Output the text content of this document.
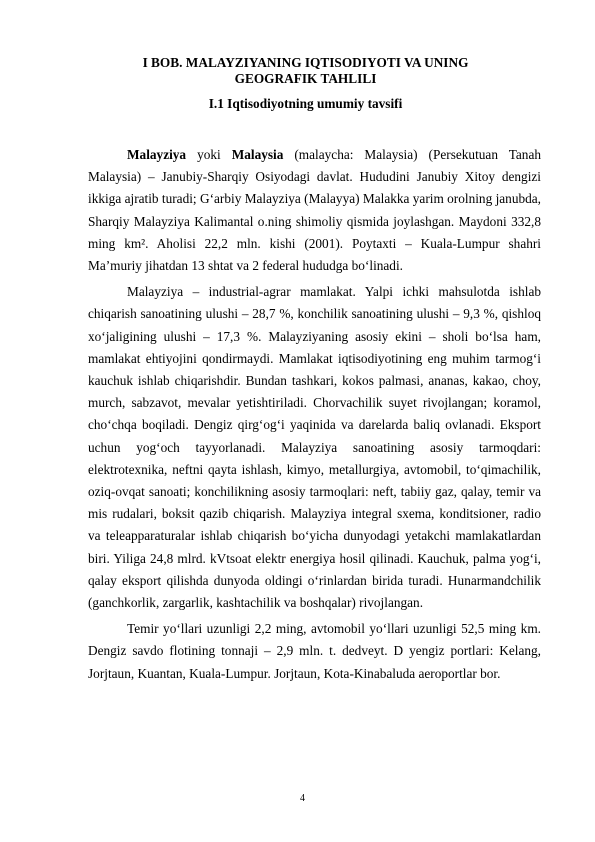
I BOB. MALAYZIYANING IQTISODIYOTI VA UNING
GEOGRAFIK TAHLILI
I.1 Iqtisodiyotning umumiy tavsifi

Malayziya yoki Malaysia (malaycha: Malaysia) (Persekutuan Tanah Malaysia) – Janubiy-Sharqiy Osiyodagi davlat. Hududini Janubiy Xitoy dengizi ikkiga ajratib turadi; Gʻarbiy Malayziya (Malayya) Malakka yarim orolning janubda, Sharqiy Malayziya Kalimantal o.ning shimoliy qismida joylashgan. Maydoni 332,8 ming km². Aholisi 22,2 mln. kishi (2001). Poytaxti – Kuala-Lumpur shahri Maʼmuriy jihatdan 13 shtat va 2 federal hududga boʻlinadi.

Malayziya – industrial-agrar mamlakat. Yalpi ichki mahsulotda ishlab chiqarish sanoatining ulushi – 28,7 %, konchilik sanoatining ulushi – 9,3 %, qishloq xoʻjaligining ulushi – 17,3 %. Malayziyaning asosiy ekini – sholi boʻlsa ham, mamlakat ehtiyojini qondirmaydi. Mamlakat iqtisodiyotining eng muhim tarmogʻi kauchuk ishlab chiqarishdir. Bundan tashkari, kokos palmasi, ananas, kakao, choy, murch, sabzavot, mevalar yetishtiriladi. Chorvachilik suyet rivojlangan; koramol, choʻchqa boqiladi. Dengiz qirgʻogʻi yaqinida va darelarda baliq ovlanadi. Eksport uchun yogʻoch tayyorlanadi. Malayziya sanoatining asosiy tarmoqdari: elektrotexnika, neftni qayta ishlash, kimyo, metallurgiya, avtomobil, toʻqimachilik, oziq-ovqat sanoati; konchilikning asosiy tarmoqlari: neft, tabiiy gaz, qalay, temir va mis rudalari, boksit qazib chiqarish. Malayziya integral sxema, konditsioner, radio va teleapparaturalar ishlab chiqarish boʻyicha dunyodagi yetakchi mamlakatlardan biri. Yiliga 24,8 mlrd. kVtsoat elektr energiya hosil qilinadi. Kauchuk, palma yogʻi, qalay eksport qilishda dunyoda oldingi oʻrinlardan birida turadi. Hunarmandchilik (ganchkorlik, zargarlik, kashtachilik va boshqalar) rivojlangan.

Temir yoʻllari uzunligi 2,2 ming, avtomobil yoʻllari uzunligi 52,5 ming km. Dengiz savdo flotining tonnaji – 2,9 mln. t. dedveyt. D yengiz portlari: Kelang, Jorjtaun, Kuantan, Kuala-Lumpur. Jorjtaun, Kota-Kinabaluda aeroportlar bor.

4
